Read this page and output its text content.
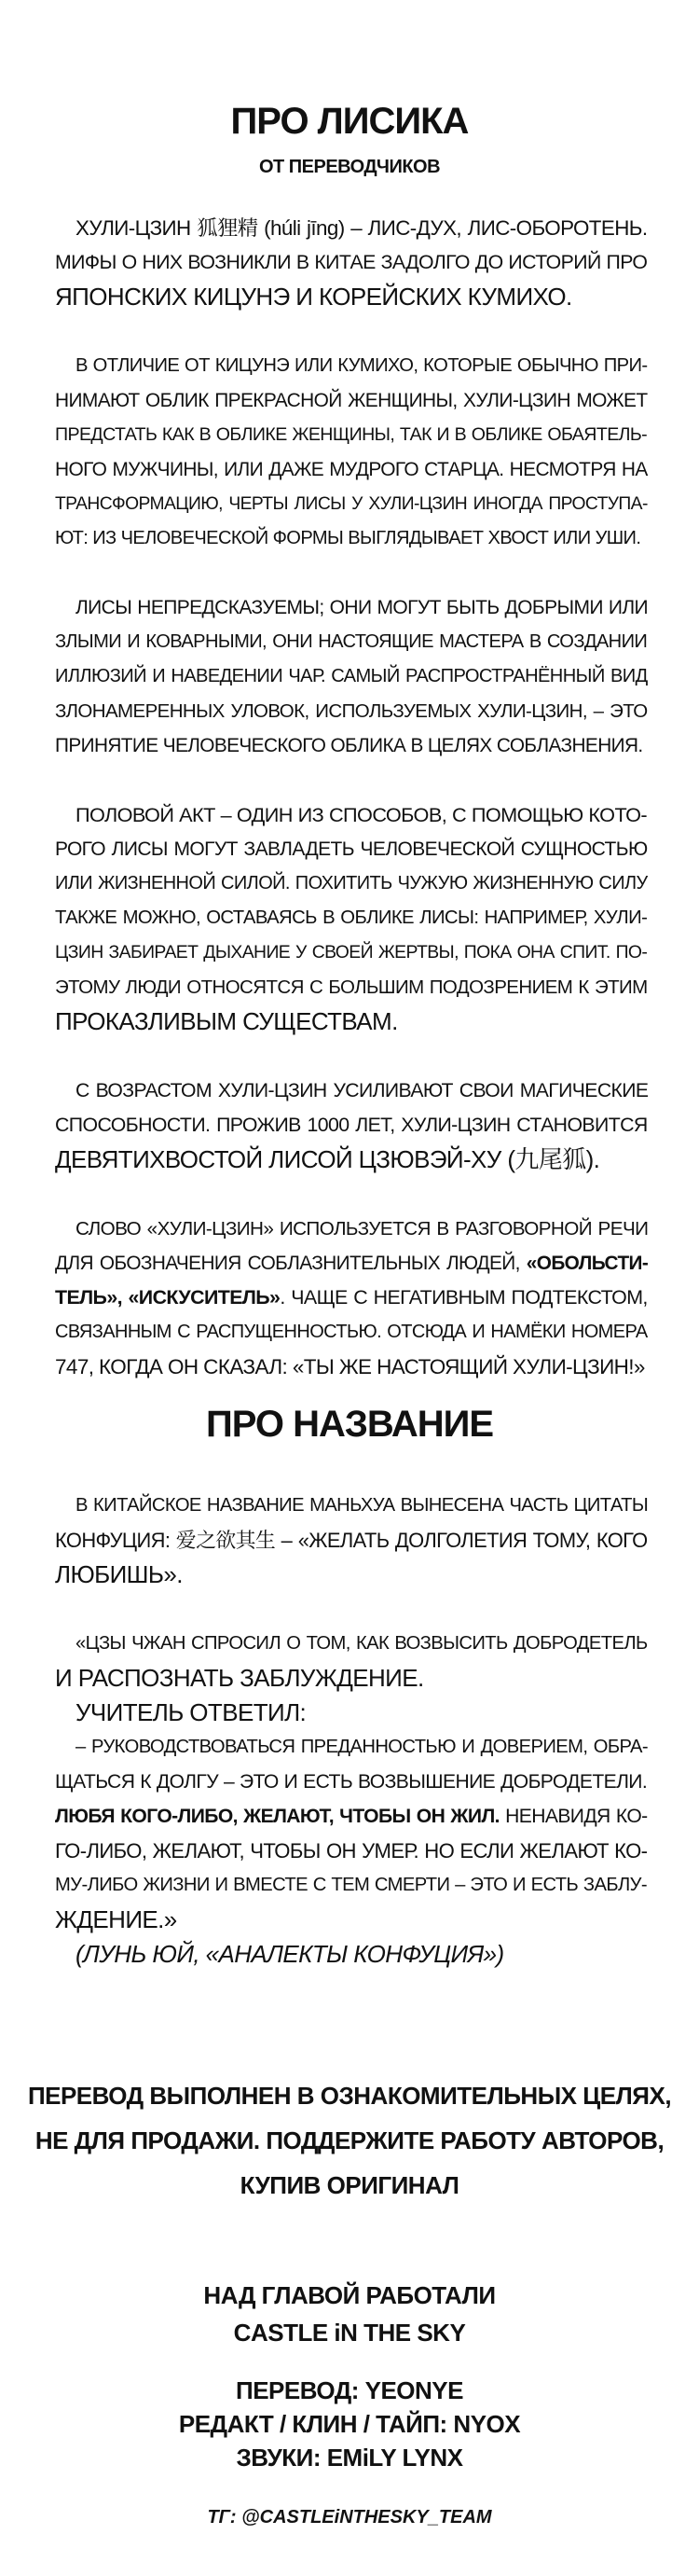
ПРО ЛИСИКА
ОТ ПЕРЕВОДЧИКОВ
ХУЛИ-ЦЗИН 狐狸精 (húli jīng) – ЛИС-ДУХ, ЛИС-ОБОРОТЕНЬ.
МИФЫ О НИХ ВОЗНИКЛИ В КИТАЕ ЗАДОЛГО ДО ИСТОРИЙ ПРО
ЯПОНСКИХ КИЦУНЭ И КОРЕЙСКИХ КУМИХО.
В ОТЛИЧИЕ ОТ КИЦУНЭ ИЛИ КУМИХО, КОТОРЫЕ ОБЫЧНО ПРИ-
НИМАЮТ ОБЛИК ПРЕКРАСНОЙ ЖЕНЩИНЫ, ХУЛИ-ЦЗИН МОЖЕТ
ПРЕДСТАТЬ КАК В ОБЛИКЕ ЖЕНЩИНЫ, ТАК И В ОБЛИКЕ ОБАЯТЕЛЬ-
НОГО МУЖЧИНЫ, ИЛИ ДАЖЕ МУДРОГО СТАРЦА. НЕСМОТРЯ НА
ТРАНСФОРМАЦИЮ, ЧЕРТЫ ЛИСЫ У ХУЛИ-ЦЗИН ИНОГДА ПРОСТУПА-
ЮТ: ИЗ ЧЕЛОВЕЧЕСКОЙ ФОРМЫ ВЫГЛЯДЫВАЕТ ХВОСТ ИЛИ УШИ.
ЛИСЫ НЕПРЕДСКАЗУЕМЫ; ОНИ МОГУТ БЫТЬ ДОБРЫМИ ИЛИ
ЗЛЫМИ И КОВАРНЫМИ, ОНИ НАСТОЯЩИЕ МАСТЕРА В СОЗДАНИИ
ИЛЛЮЗИЙ И НАВЕДЕНИИ ЧАР. САМЫЙ РАСПРОСТРАНЁННЫЙ ВИД
ЗЛОНАМЕРЕННЫХ УЛОВОК, ИСПОЛЬЗУЕМЫХ ХУЛИ-ЦЗИН, – ЭТО
ПРИНЯТИЕ ЧЕЛОВЕЧЕСКОГО ОБЛИКА В ЦЕЛЯХ СОБЛАЗНЕНИЯ.
ПОЛОВОЙ АКТ – ОДИН ИЗ СПОСОБОВ, С ПОМОЩЬЮ КОТО-
РОГО ЛИСЫ МОГУТ ЗАВЛАДЕТЬ ЧЕЛОВЕЧЕСКОЙ СУЩНОСТЬЮ
ИЛИ ЖИЗНЕННОЙ СИЛОЙ. ПОХИТИТЬ ЧУЖУЮ ЖИЗНЕННУЮ СИЛУ
ТАКЖЕ МОЖНО, ОСТАВАЯСЬ В ОБЛИКЕ ЛИСЫ: НАПРИМЕР, ХУЛИ-
ЦЗИН ЗАБИРАЕТ ДЫХАНИЕ У СВОЕЙ ЖЕРТВЫ, ПОКА ОНА СПИТ. ПО-
ЭТОМУ ЛЮДИ ОТНОСЯТСЯ С БОЛЬШИМ ПОДОЗРЕНИЕМ К ЭТИМ
ПРОКАЗЛИВЫМ СУЩЕСТВАМ.
С ВОЗРАСТОМ ХУЛИ-ЦЗИН УСИЛИВАЮТ СВОИ МАГИЧЕСКИЕ
СПОСОБНОСТИ. ПРОЖИВ 1000 ЛЕТ, ХУЛИ-ЦЗИН СТАНОВИТСЯ
ДЕВЯТИХВОСТОЙ ЛИСОЙ ЦЗЮВЭЙ-ХУ (九尾狐).
СЛОВО «ХУЛИ-ЦЗИН» ИСПОЛЬЗУЕТСЯ В РАЗГОВОРНОЙ РЕЧИ
ДЛЯ ОБОЗНАЧЕНИЯ СОБЛАЗНИТЕЛЬНЫХ ЛЮДЕЙ, «ОБОЛЬСТИ-
ТЕЛЬ», «ИСКУСИТЕЛЬ». ЧАЩЕ С НЕГАТИВНЫМ ПОДТЕКСТОМ,
СВЯЗАННЫМ С РАСПУЩЕННОСТЬЮ. ОТСЮДА И НАМЁКИ НОМЕРА
747, КОГДА ОН СКАЗАЛ: «ТЫ ЖЕ НАСТОЯЩИЙ ХУЛИ-ЦЗИН!»
ПРО НАЗВАНИЕ
В КИТАЙСКОЕ НАЗВАНИЕ МАНЬХУА ВЫНЕСЕНА ЧАСТЬ ЦИТАТЫ
КОНФУЦИЯ: 爱之欲其生 – «ЖЕЛАТЬ ДОЛГОЛЕТИЯ ТОМУ, КОГО
ЛЮБИШЬ».
«ЦЗЫ ЧЖАН СПРОСИЛ О ТОМ, КАК ВОЗВЫСИТЬ ДОБРОДЕТЕЛЬ
И РАСПОЗНАТЬ ЗАБЛУЖДЕНИЕ.
УЧИТЕЛЬ ОТВЕТИЛ:
– РУКОВОДСТВОВАТЬСЯ ПРЕДАННОСТЬЮ И ДОВЕРИЕМ, ОБРА-
ЩАТЬСЯ К ДОЛГУ – ЭТО И ЕСТЬ ВОЗВЫШЕНИЕ ДОБРОДЕТЕЛИ.
ЛЮБЯ КОГО-ЛИБО, ЖЕЛАЮТ, ЧТОБЫ ОН ЖИЛ. НЕНАВИДЯ КО-
ГО-ЛИБО, ЖЕЛАЮТ, ЧТОБЫ ОН УМЕР. НО ЕСЛИ ЖЕЛАЮТ КО-
МУ-ЛИБО ЖИЗНИ И ВМЕСТЕ С ТЕМ СМЕРТИ – ЭТО И ЕСТЬ ЗАБЛУ-
ЖДЕНИЕ.»
(ЛУНЬ ЮЙ, «АНАЛЕКТЫ КОНФУЦИЯ»)
ПЕРЕВОД ВЫПОЛНЕН В ОЗНАКОМИТЕЛЬНЫХ ЦЕЛЯХ,
НЕ ДЛЯ ПРОДАЖИ. ПОДДЕРЖИТЕ РАБОТУ АВТОРОВ,
КУПИВ ОРИГИНАЛ
НАД ГЛАВОЙ РАБОТАЛИ
CASTLE iN THE SKY
ПЕРЕВОД: YEONYE
РЕДАКТ / КЛИН / ТАЙП: NYOX
ЗВУКИ: EMiLY LYNX
ТГ: @CASTLEiNTHESKY_TEAM
